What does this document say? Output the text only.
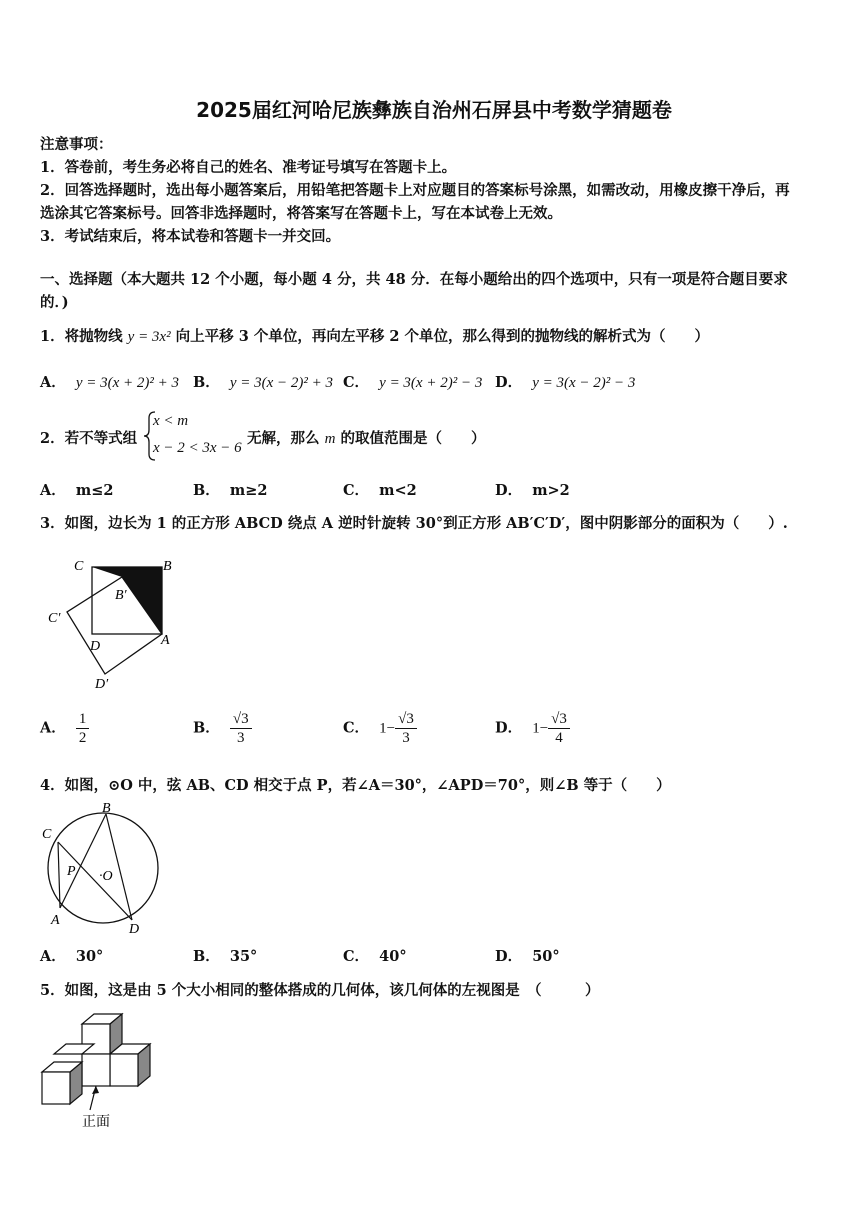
2025届红河哈尼族彝族自治州石屏县中考数学猜题卷
注意事项：
1．答卷前，考生务必将自己的姓名、准考证号填写在答题卡上。
2．回答选择题时，选出每小题答案后，用铅笔把答题卡上对应题目的答案标号涂黑，如需改动，用橡皮擦干净后，再
选涂其它答案标号。回答非选择题时，将答案写在答题卡上，写在本试卷上无效。
3．考试结束后，将本试卷和答题卡一并交回。
一、选择题（本大题共 12 个小题，每小题 4 分，共 48 分．在每小题给出的四个选项中，只有一项是符合题目要求
的．)
1．将抛物线 y = 3x² 向上平移 3 个单位，再向左平移 2 个单位，那么得到的抛物线的解析式为（　　）
A． y = 3(x + 2)² + 3 B． y = 3(x − 2)² + 3 C． y = 3(x + 2)² − 3 D． y = 3(x − 2)² − 3
2．若不等式组
x < m
x − 2 < 3x − 6
无解，那么 m 的取值范围是（　　）
A． m≤2	B． m≥2	C． m<2	D． m>2
3．如图，边长为 1 的正方形 ABCD 绕点 A 逆时针旋转 30°到正方形 AB′C′D′，图中阴影部分的面积为（　　）.
C	B
B′
C′
D	A
D′
A． $\frac{1}{2}$	B． $\frac{√3}{3}$	C． $1- \frac{√3}{3}$	D． $1- \frac{√3}{4}$
4．如图，⊙O 中，弦 AB、CD 相交于点 P，若∠A＝30°，∠APD＝70°，则∠B 等于（　　）
B
C
P ·O
A
D
A． 30°	B． 35°	C． 40°	D． 50°
5．如图，这是由 5 个大小相同的整体搭成的几何体，该几何体的左视图是　（　　　）
正面
